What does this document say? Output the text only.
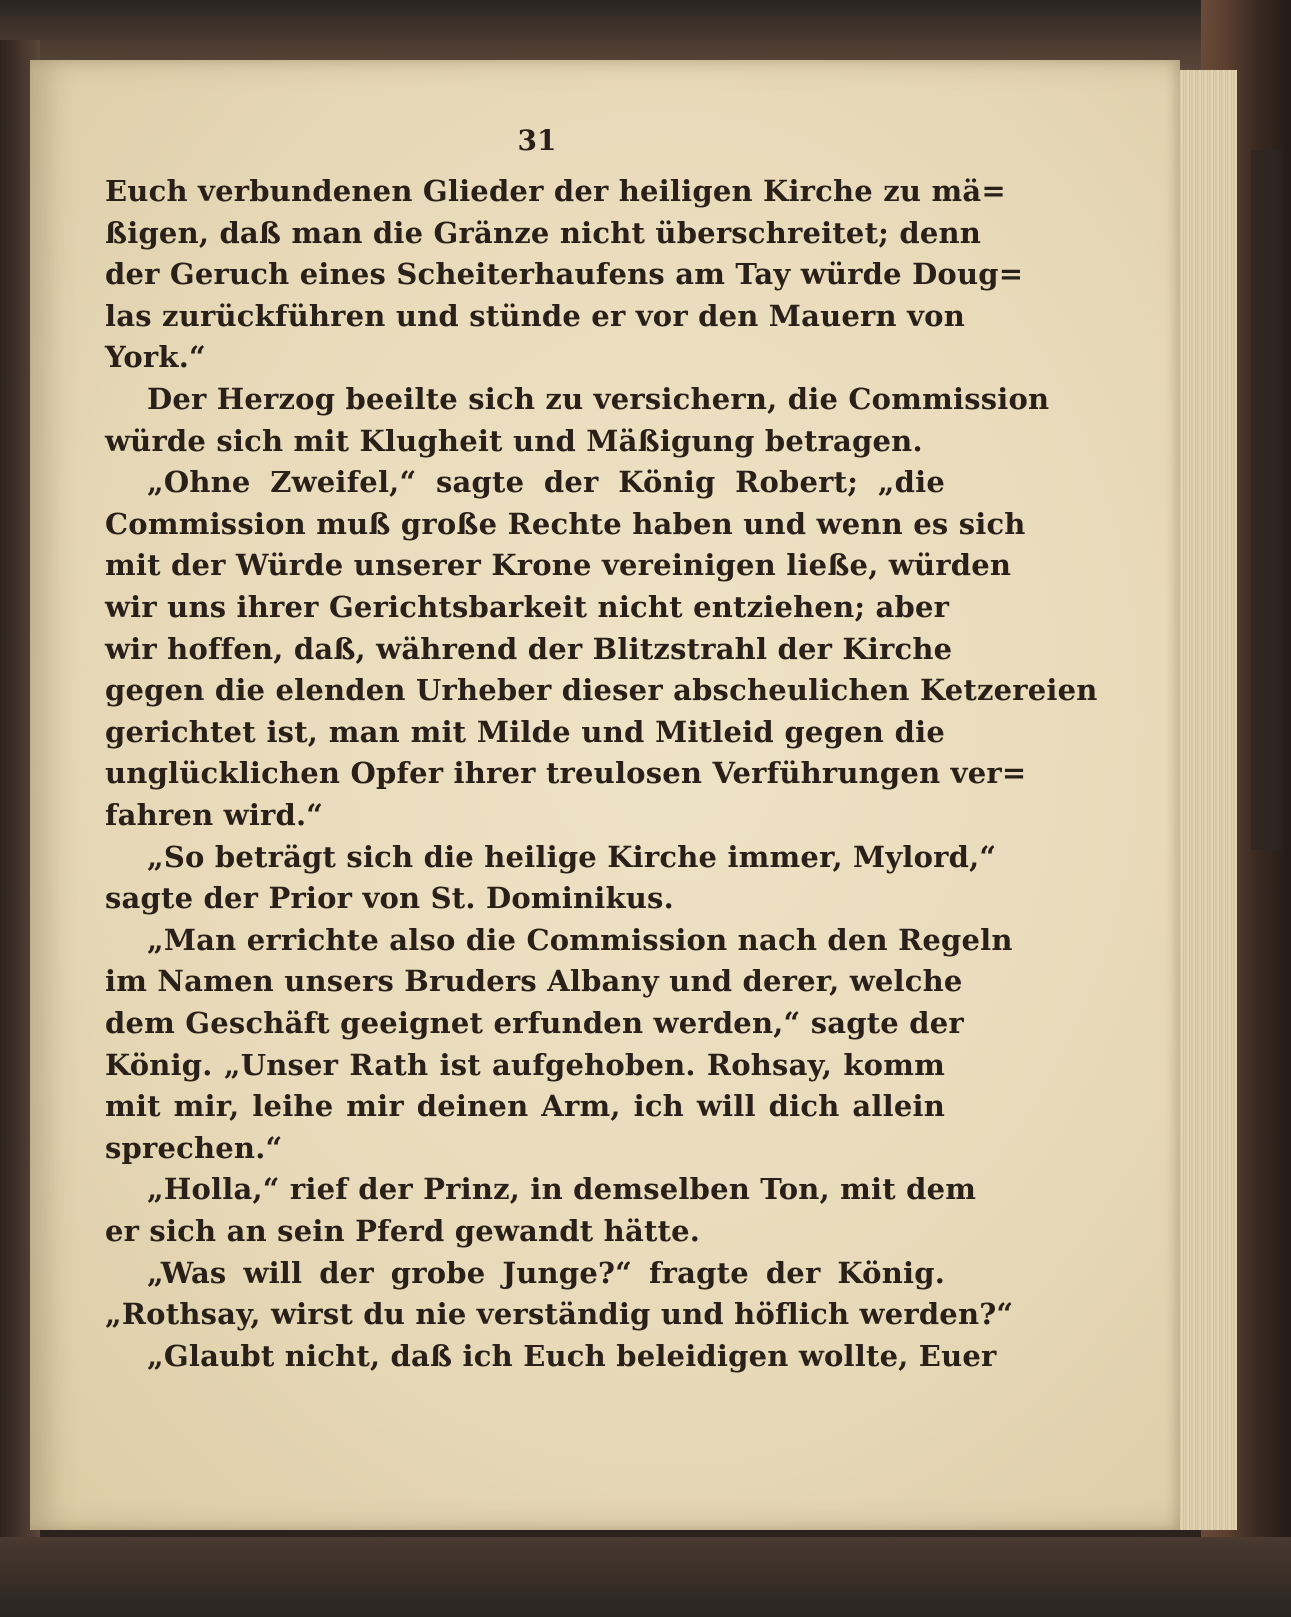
31
Euch verbundenen Glieder der heiligen Kirche zu mä=
ßigen, daß man die Gränze nicht überschreitet; denn
der Geruch eines Scheiterhaufens am Tay würde Doug=
las zurückführen und stünde er vor den Mauern von
York.“
Der Herzog beeilte sich zu versichern, die Commission
würde sich mit Klugheit und Mäßigung betragen.
„Ohne Zweifel,“ sagte der König Robert; „die
Commission muß große Rechte haben und wenn es sich
mit der Würde unserer Krone vereinigen ließe, würden
wir uns ihrer Gerichtsbarkeit nicht entziehen; aber
wir hoffen, daß, während der Blitzstrahl der Kirche
gegen die elenden Urheber dieser abscheulichen Ketzereien
gerichtet ist, man mit Milde und Mitleid gegen die
unglücklichen Opfer ihrer treulosen Verführungen ver=
fahren wird.“
„So beträgt sich die heilige Kirche immer, Mylord,“
sagte der Prior von St. Dominikus.
„Man errichte also die Commission nach den Regeln
im Namen unsers Bruders Albany und derer, welche
dem Geschäft geeignet erfunden werden,“ sagte der
König. „Unser Rath ist aufgehoben. Rohsay, komm
mit mir, leihe mir deinen Arm, ich will dich allein
sprechen.“
„Holla,“ rief der Prinz, in demselben Ton, mit dem
er sich an sein Pferd gewandt hätte.
„Was will der grobe Junge?“ fragte der König.
„Rothsay, wirst du nie verständig und höflich werden?“
„Glaubt nicht, daß ich Euch beleidigen wollte, Euer
